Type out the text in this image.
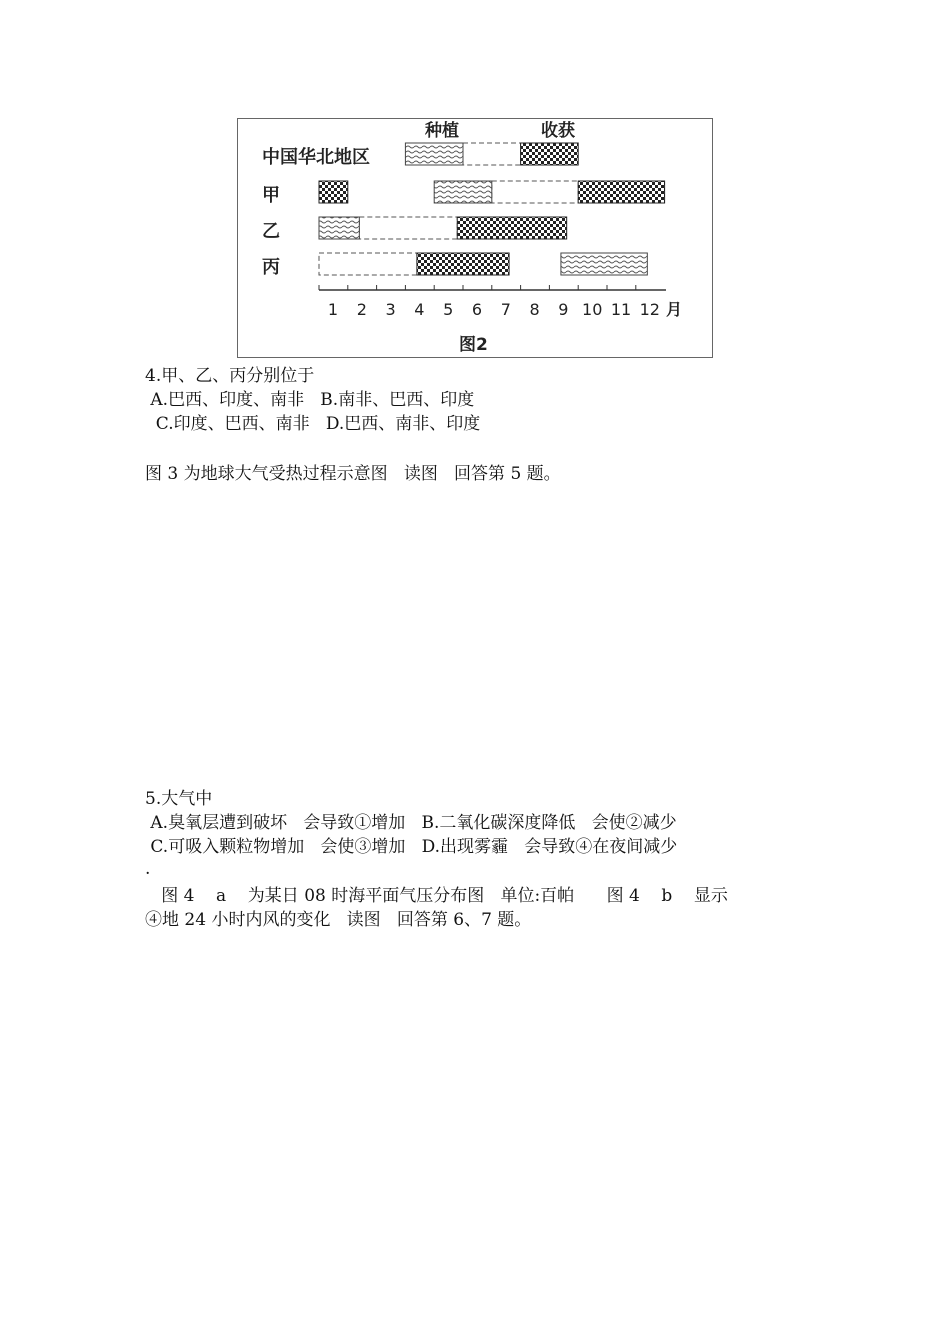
种植	收获
中国华北地区
甲
乙
丙
1 2 3 4 5 6 7 8 9 10 11 12 月
图2
4.甲、乙、丙分别位于
A.巴西、印度、南非   B.南非、巴西、印度
C.印度、巴西、南非   D.巴西、南非、印度
图 3 为地球大气受热过程示意图   读图   回答第 5 题。
5.大气中
A.臭氧层遭到破坏   会导致①增加   B.二氧化碳深度降低   会使②减少
C.可吸入颗粒物增加   会使③增加   D.出现雾霾   会导致④在夜间减少
.
图 4    a    为某日 08 时海平面气压分布图   单位:百帕      图 4    b    显示
④地 24 小时内风的变化   读图   回答第 6、7 题。
